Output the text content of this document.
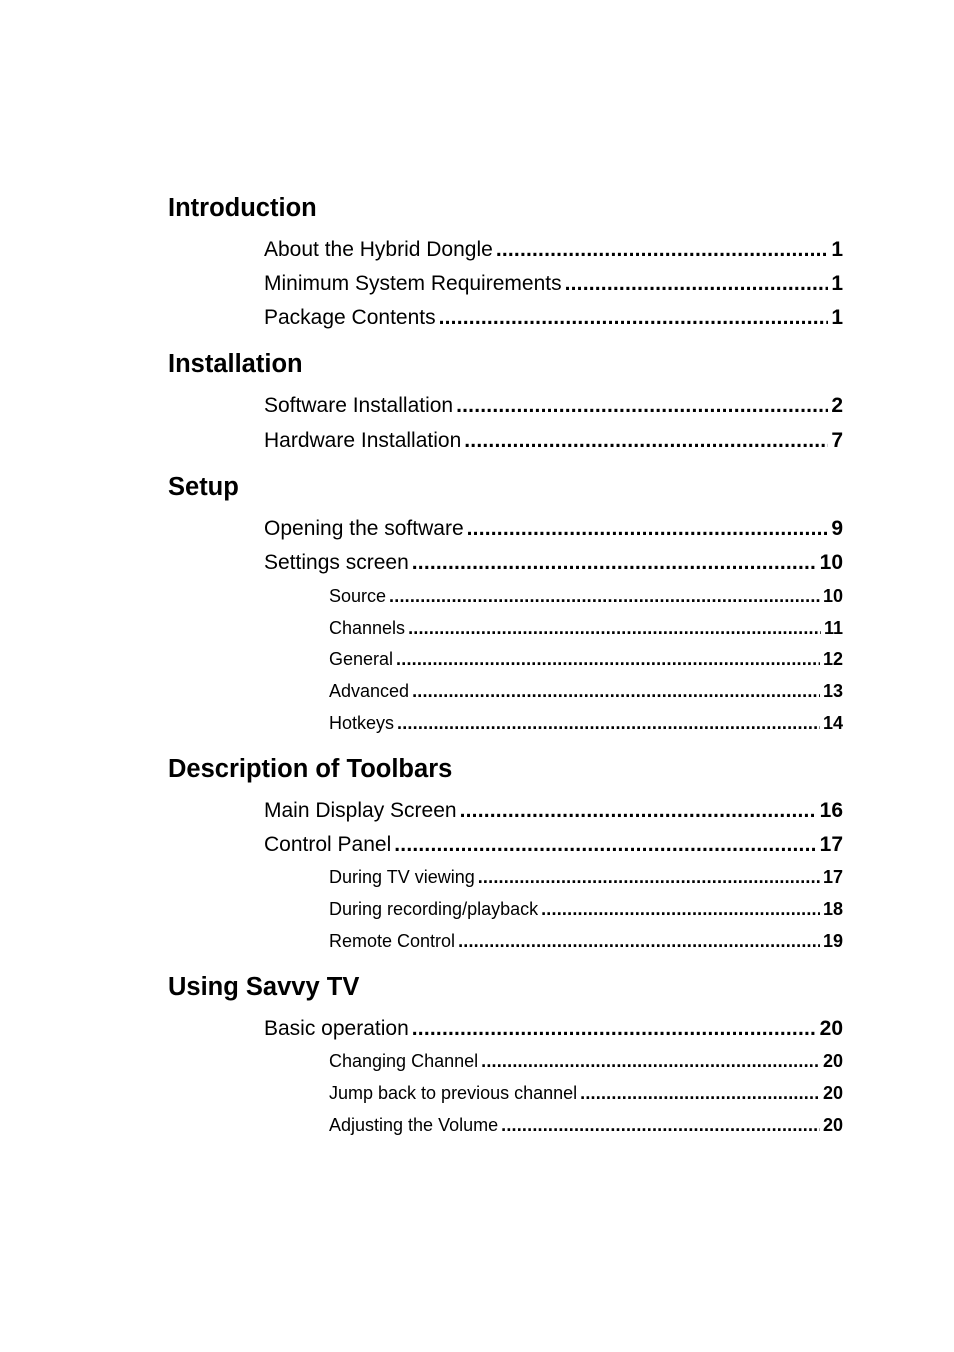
Introduction
About the Hybrid Dongle .....	1
Minimum System Requirements .....	1
Package Contents .....	1
Installation
Software Installation .....	2
Hardware Installation .....	7
Setup
Opening the software .....	9
Settings screen .....	10
Source .....	10
Channels .....	11
General .....	12
Advanced .....	13
Hotkeys .....	14
Description of Toolbars
Main Display Screen .....	16
Control Panel .....	17
During TV viewing .....	17
During recording/playback .....	18
Remote Control .....	19
Using Savvy TV
Basic operation .....	20
Changing Channel .....	20
Jump back to previous channel .....	20
Adjusting the Volume .....	20
